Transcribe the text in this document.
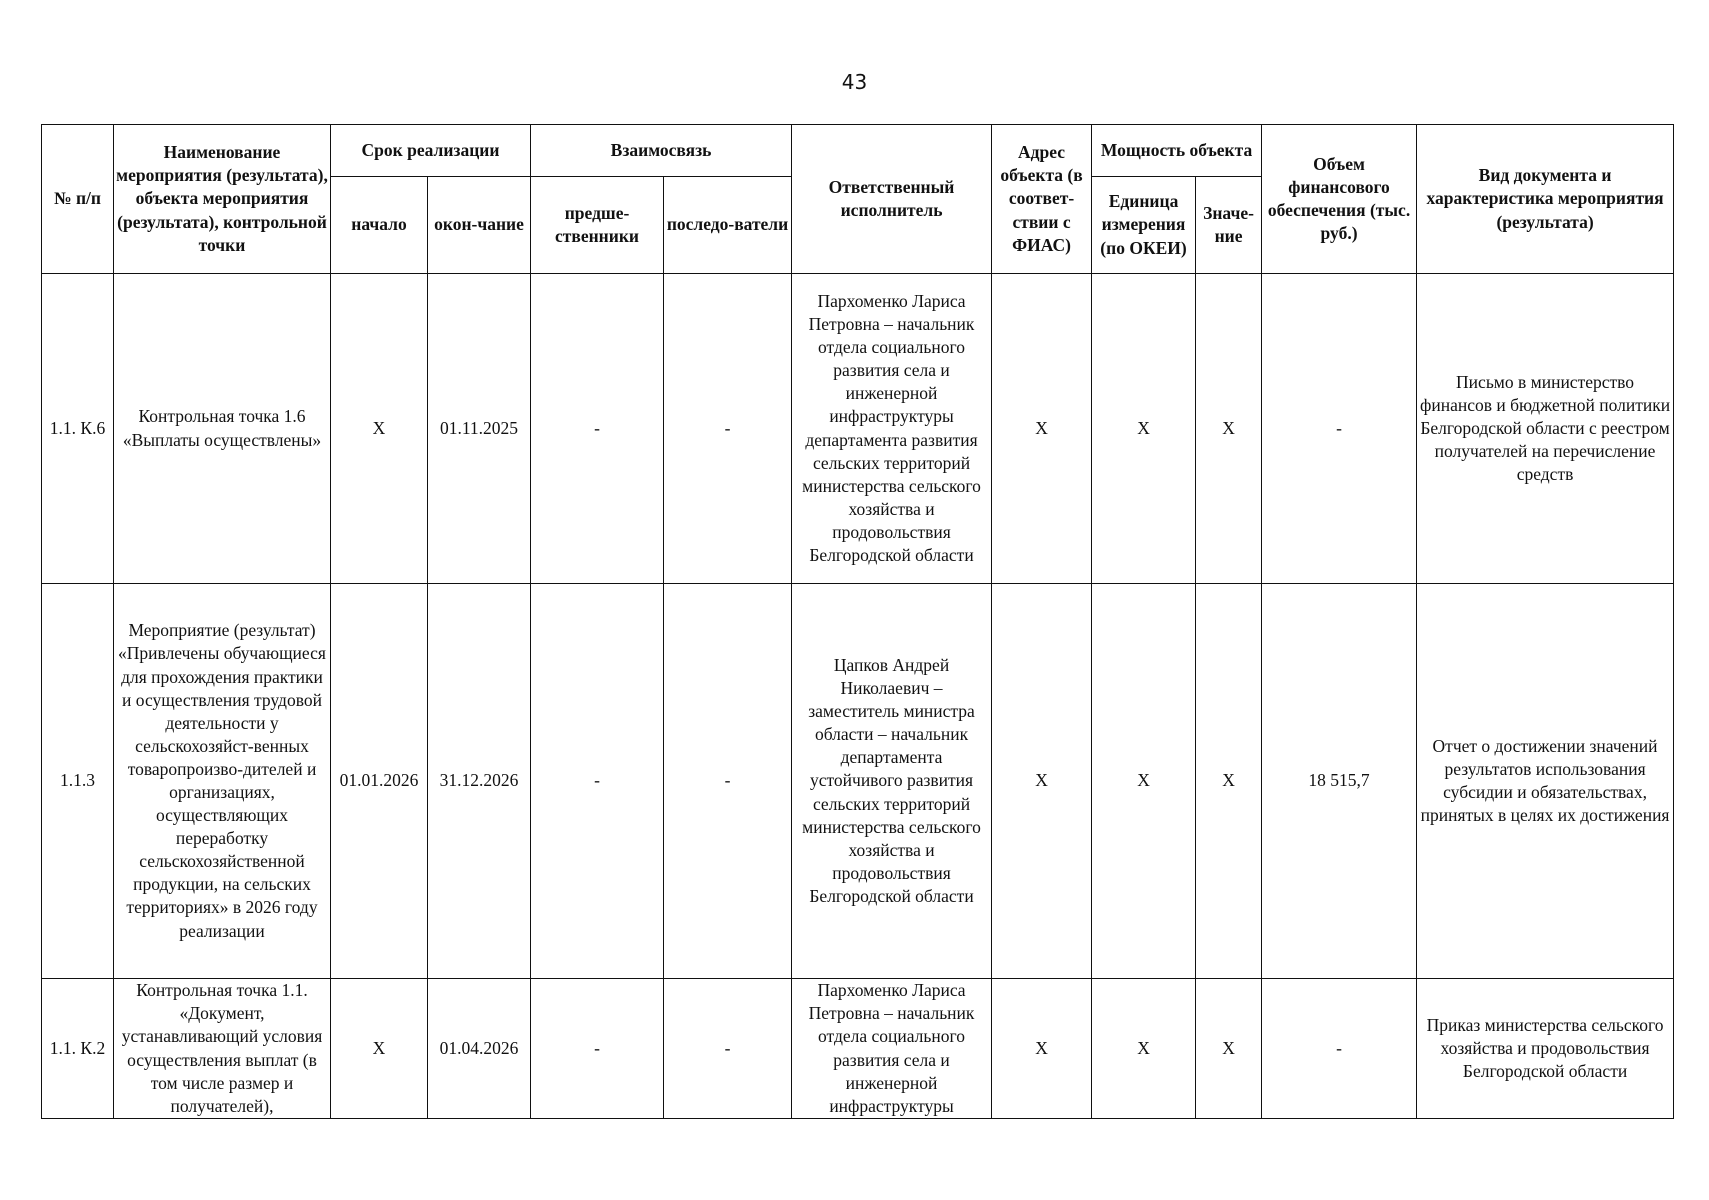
43
№ п/п	Наименование мероприятия (результата), объекта мероприятия (результата), контрольной точки	Срок реализации		Взаимосвязь		Ответственный исполнитель	Адрес объекта (в соответ-ствии с ФИАС)	Мощность объекта		Объем финансового обеспечения (тыс. руб.)	Вид документа и характеристика мероприятия (результата)
		начало	окон-чание	предше-ственники	последо-ватели			Единица измерения (по ОКЕИ)	Значе-ние		
1.1. К.6	Контрольная точка 1.6 «Выплаты осуществлены»	X	01.11.2025	-	-	Пархоменко Лариса Петровна – начальник отдела социального развития села и инженерной инфраструктуры департамента развития сельских территорий министерства сельского хозяйства и продовольствия Белгородской области	X	X	X	-	Письмо в министерство финансов и бюджетной политики Белгородской области с реестром получателей на перечисление средств
1.1.3	Мероприятие (результат) «Привлечены обучающиеся для прохождения практики и осуществления трудовой деятельности у сельскохозяйст-венных товаропроизво-дителей и организациях, осуществляющих переработку сельскохозяйственной продукции, на сельских территориях» в 2026 году реализации	01.01.2026	31.12.2026	-	-	Цапков Андрей Николаевич – заместитель министра области – начальник департамента устойчивого развития сельских территорий министерства сельского хозяйства и продовольствия Белгородской области	X	X	X	18 515,7	Отчет о достижении значений результатов использования субсидии и обязательствах, принятых в целях их достижения
1.1. К.2	Контрольная точка 1.1. «Документ, устанавливающий условия осуществления выплат (в том числе размер и получателей),	X	01.04.2026	-	-	Пархоменко Лариса Петровна – начальник отдела социального развития села и инженерной инфраструктуры	X	X	X	-	Приказ министерства сельского хозяйства и продовольствия Белгородской области
